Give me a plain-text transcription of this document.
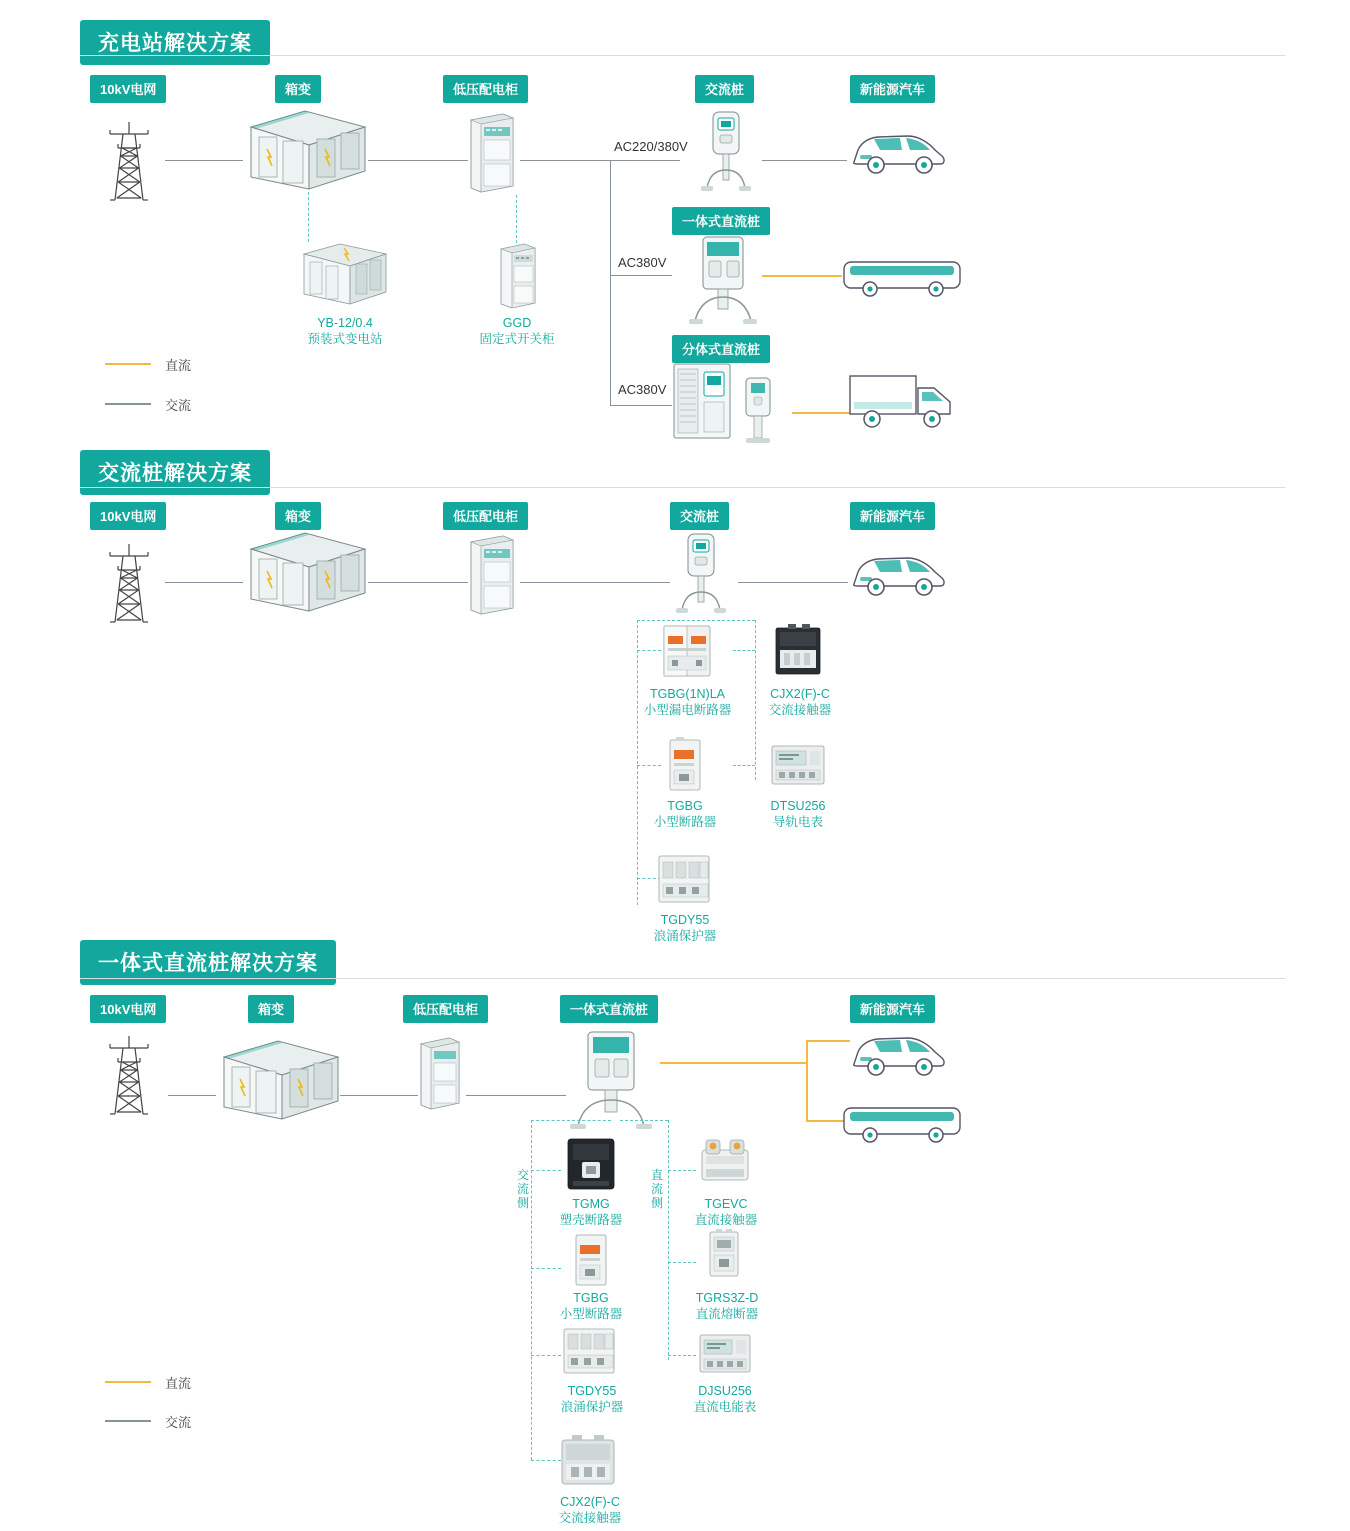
充电站解决方案
10kV电网	箱变	低压配电柜	交流桩	新能源汽车
一体式直流桩
分体式直流桩
AC220/380V
AC380V
AC380V
YB-12/0.4
预装式变电站
GGD
固定式开关柜
直流
交流
交流桩解决方案
10kV电网	箱变	低压配电柜	交流桩	新能源汽车
TGBG(1N)LA
小型漏电断路器
CJX2(F)-C
交流接触器
TGBG
小型断路器
DTSU256
导轨电表
TGDY55
浪涌保护器
一体式直流桩解决方案
10kV电网	箱变	低压配电柜	一体式直流桩	新能源汽车
交流侧
直流侧
TGMG
塑壳断路器
TGBG
小型断路器
TGDY55
浪涌保护器
CJX2(F)-C
交流接触器
TGEVC
直流接触器
TGRS3Z-D
直流熔断器
DJSU256
直流电能表
直流
交流
